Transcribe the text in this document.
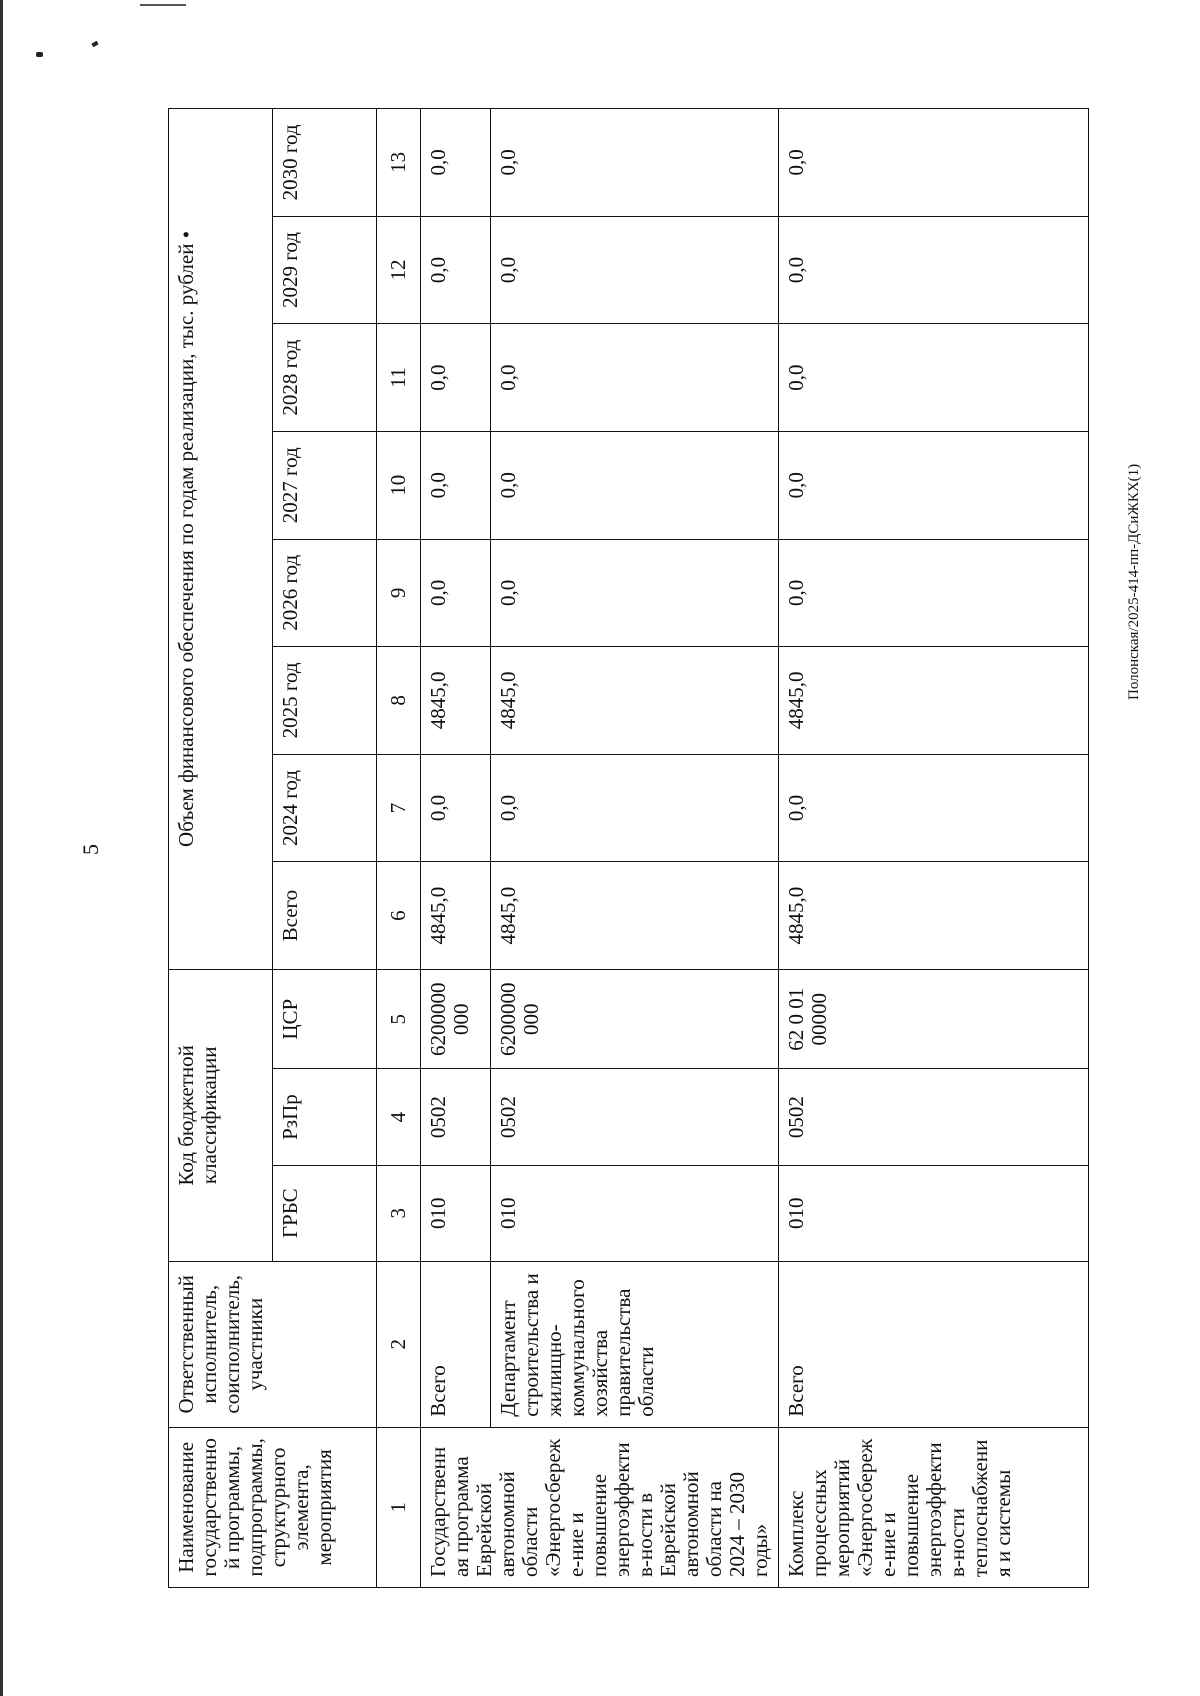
5
Полонская/2025-414-пп-ДСиЖКХ(1)
Наименование государственной программы, подпрограммы, структурного элемента, мероприятия	Ответственный исполнитель, соисполнитель, участники	Код бюджетной классификации			Объем финансового обеспечения по годам реализации, тыс. рублей •							
		ГРБС	РзПр	ЦСР	Всего	2024 год	2025 год	2026 год	2027 год	2028 год	2029 год	2030 год
1	2	3	4	5	6	7	8	9	10	11	12	13
Государственная программа Еврейской автономной области «Энергосбереже-ние и повышение энергоэффектив-ности в Еврейской автономной области на 2024 – 2030 годы»	Всего	010	0502	6200000 000	4845,0	0,0	4845,0	0,0	0,0	0,0	0,0	0,0
	Департамент строительства и жилищно-коммунального хозяйства правительства области	010	0502	6200000 000	4845,0	0,0	4845,0	0,0	0,0	0,0	0,0	0,0
Комплекс процессных мероприятий «Энергосбереже-ние и повышение энергоэффектив-ности теплоснабжения и системы	Всего	010	0502	62 0 01 00000	4845,0	0,0	4845,0	0,0	0,0	0,0	0,0	0,0
